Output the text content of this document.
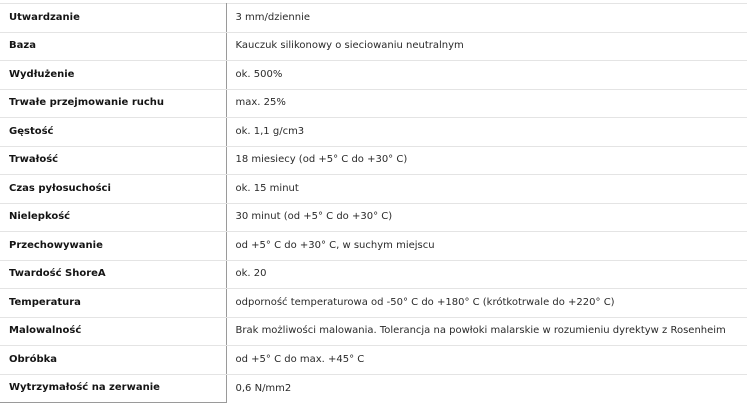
Utwardzanie	3 mm/dziennie
Baza	Kauczuk silikonowy o sieciowaniu neutralnym
Wydłużenie	ok. 500%
Trwałe przejmowanie ruchu	max. 25%
Gęstość	ok. 1,1 g/cm3
Trwałość	18 miesiecy (od +5° C do +30° C)
Czas pyłosuchości	ok. 15 minut
Nielepkość	30 minut (od +5° C do +30° C)
Przechowywanie	od +5° C do +30° C, w suchym miejscu
Twardość ShoreA	ok. 20
Temperatura	odporność temperaturowa od -50° C do +180° C (krótkotrwale do +220° C)
Malowalność	Brak możliwości malowania. Tolerancja na powłoki malarskie w rozumieniu dyrektyw z Rosenheim
Obróbka	od +5° C do max. +45° C
Wytrzymałość na zerwanie	0,6 N/mm2
